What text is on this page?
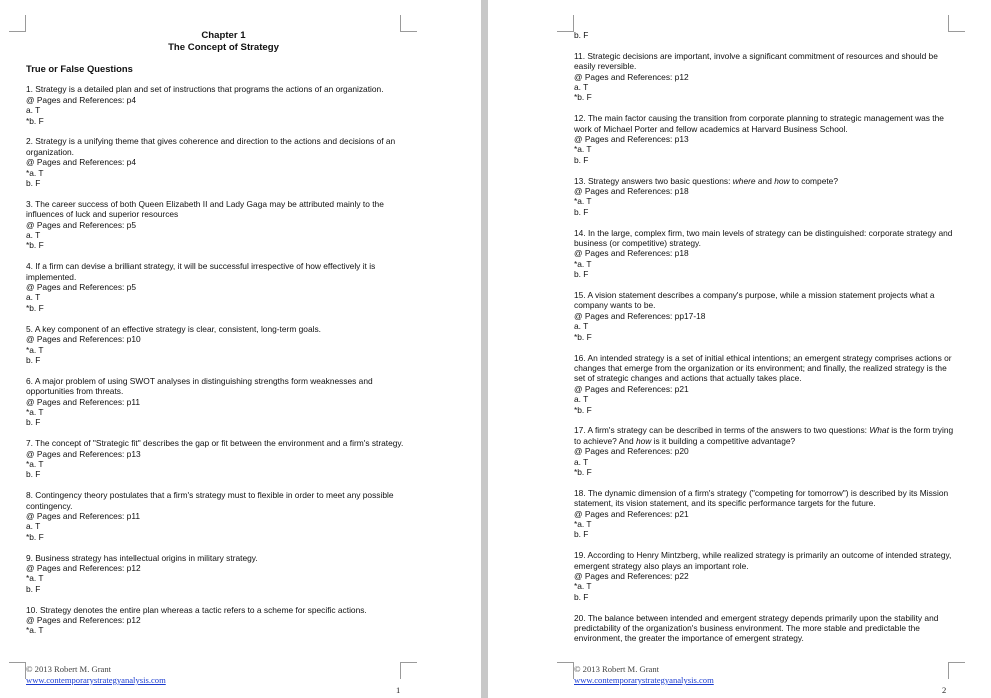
Chapter 1
The Concept of Strategy
True or False Questions
1. Strategy is a detailed plan and set of instructions that programs the actions of an organization.
@ Pages and References: p4
a. T
*b. F
2. Strategy is a unifying theme that gives coherence and direction to the actions and decisions of an organization.
@ Pages and References: p4
*a. T
b. F
3. The career success of both Queen Elizabeth II and Lady Gaga may be attributed mainly to the influences of luck and superior resources
@ Pages and References: p5
a. T
*b. F
4. If a firm can devise a brilliant strategy, it will be successful irrespective of how effectively it is implemented.
@ Pages and References: p5
a. T
*b. F
5. A key component of an effective strategy is clear, consistent, long-term goals.
@ Pages and References: p10
*a. T
b. F
6. A major problem of using SWOT analyses in distinguishing strengths form weaknesses and opportunities from threats.
@ Pages and References: p11
*a. T
b. F
7. The concept of "Strategic fit" describes the gap or fit between the environment and a firm's strategy.
@ Pages and References: p13
*a. T
b. F
8. Contingency theory postulates that a firm's strategy must to flexible in order to meet any possible contingency.
@ Pages and References: p11
a. T
*b. F
9. Business strategy has intellectual origins in military strategy.
@ Pages and References: p12
*a. T
b. F
10. Strategy denotes the entire plan whereas a tactic refers to a scheme for specific actions.
@ Pages and References: p12
*a. T
© 2013 Robert M. Grant
www.contemporarystrategyanalysis.com
1
b. F
11. Strategic decisions are important, involve a significant commitment of resources and should be easily reversible.
@ Pages and References: p12
a. T
*b. F
12. The main factor causing the transition from corporate planning to strategic management was the work of Michael Porter and fellow academics at Harvard Business School.
@ Pages and References: p13
*a. T
b. F
13. Strategy answers two basic questions: where and how to compete?
@ Pages and References: p18
*a. T
b. F
14. In the large, complex firm, two main levels of strategy can be distinguished: corporate strategy and business (or competitive) strategy.
@ Pages and References: p18
*a. T
b. F
15. A vision statement describes a company's purpose, while a mission statement projects what a company wants to be.
@ Pages and References: pp17-18
a. T
*b. F
16. An intended strategy is a set of initial ethical intentions; an emergent strategy comprises actions or changes that emerge from the organization or its environment; and finally, the realized strategy is the set of strategic changes and actions that actually takes place.
@ Pages and References: p21
a. T
*b. F
17. A firm's strategy can be described in terms of the answers to two questions: What is the form trying to achieve? And how is it building a competitive advantage?
@ Pages and References: p20
a. T
*b. F
18. The dynamic dimension of a firm's strategy ("competing for tomorrow") is described by its Mission statement, its vision statement, and its specific performance targets for the future.
@ Pages and References: p21
*a. T
b. F
19. According to Henry Mintzberg, while realized strategy is primarily an outcome of intended strategy, emergent strategy also plays an important role.
@ Pages and References: p22
*a. T
b. F
20. The balance between intended and emergent strategy depends primarily upon the stability and predictability of the organization's business environment. The more stable and predictable the environment, the greater the importance of emergent strategy.
© 2013 Robert M. Grant
www.contemporarystrategyanalysis.com
2
